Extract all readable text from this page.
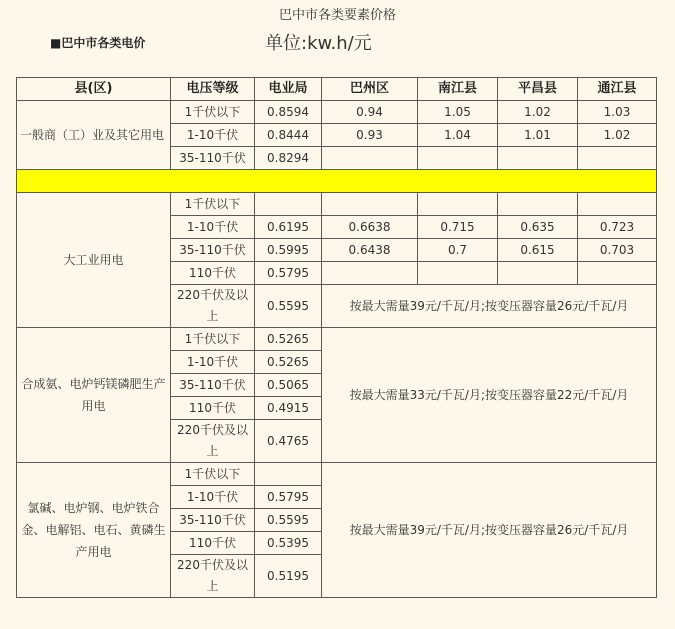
巴中市各类要素价格
■巴中市各类电价	单位:kw.h/元
县(区)	电压等级	电业局	巴州区	南江县	平昌县	通江县
一般商（工）业及其它用电	1千伏以下	0.8594	0.94	1.05	1.02	1.03
	1-10千伏	0.8444	0.93	1.04	1.01	1.02
	35-110千伏	0.8294				

大工业用电	1千伏以下					
	1-10千伏	0.6195	0.6638	0.715	0.635	0.723
	35-110千伏	0.5995	0.6438	0.7	0.615	0.703
	110千伏	0.5795				
	220千伏及以上	0.5595	按最大需量39元/千瓦/月;按变压器容量26元/千瓦/月			
合成氨、电炉钙镁磷肥生产用电	1千伏以下	0.5265	按最大需量33元/千瓦/月;按变压器容量22元/千瓦/月			
	1-10千伏	0.5265				
	35-110千伏	0.5065				
	110千伏	0.4915				
	220千伏及以上	0.4765				
氯碱、电炉钢、电炉铁合金、电解铝、电石、黄磷生产用电	1千伏以下		按最大需量39元/千瓦/月;按变压器容量26元/千瓦/月			
	1-10千伏	0.5795				
	35-110千伏	0.5595				
	110千伏	0.5395				
	220千伏及以上	0.5195				
